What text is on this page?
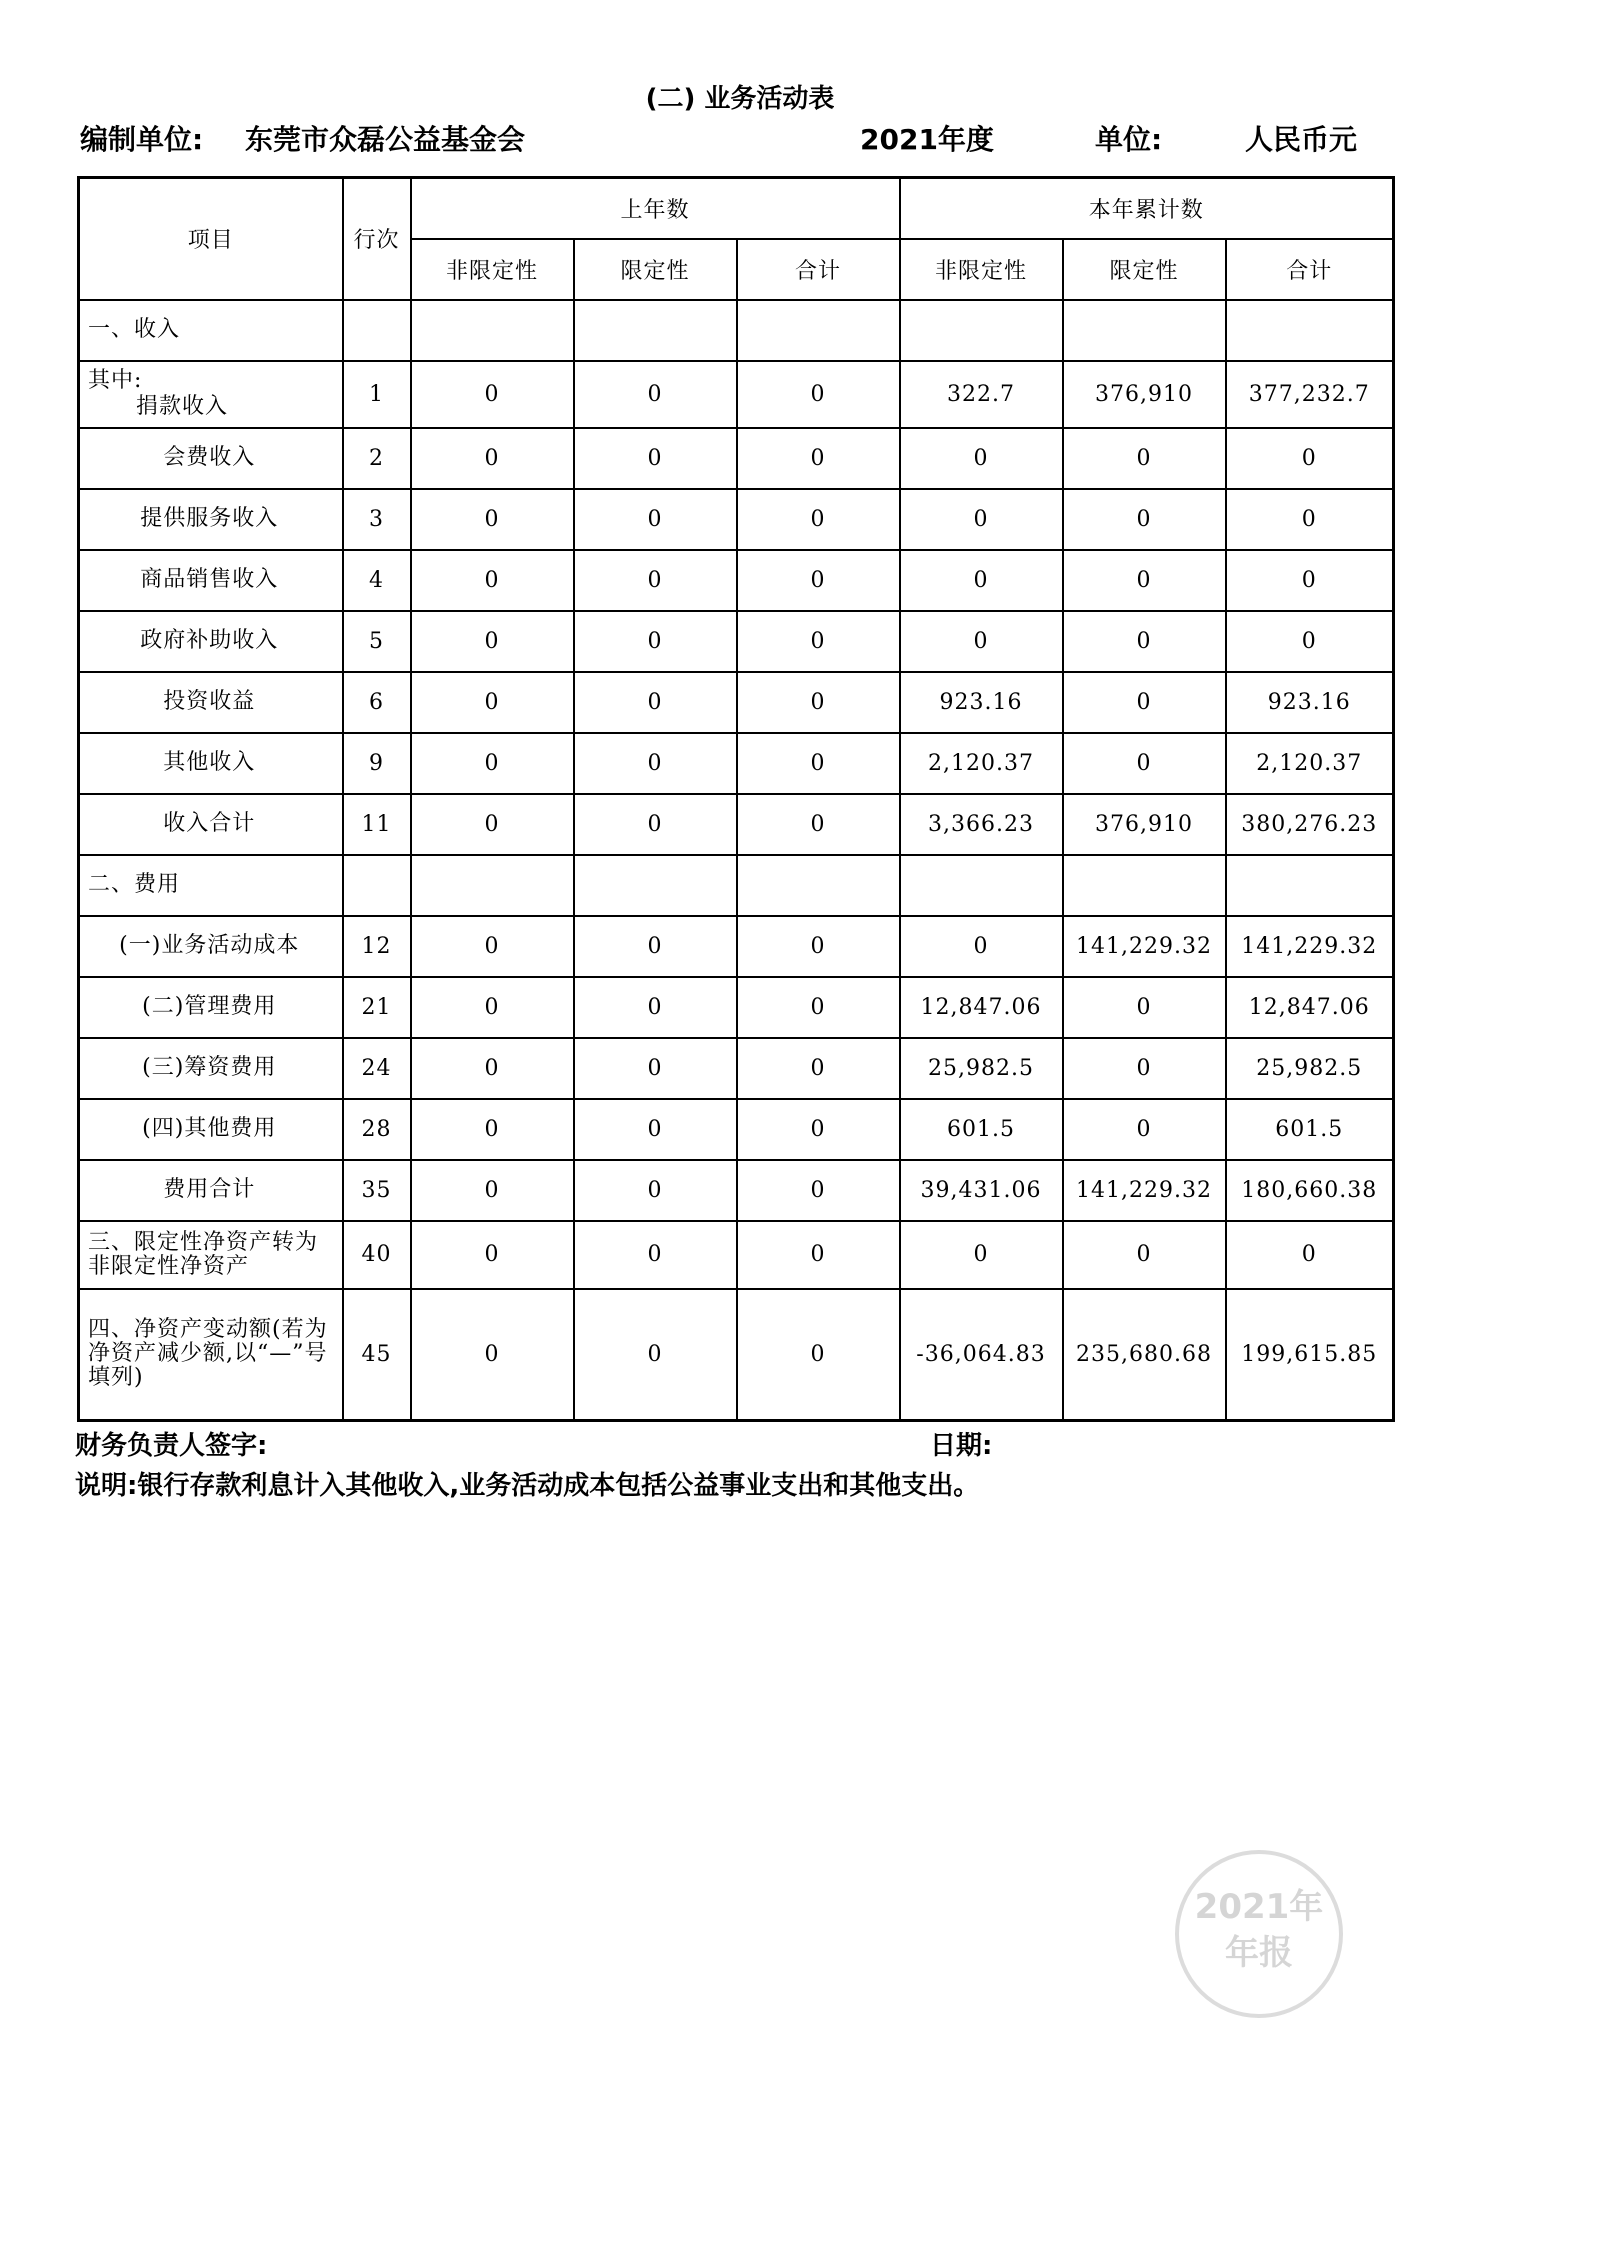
(二) 业务活动表
编制单位: 东莞市众磊公益基金会	2021年度	单位:	人民币元
项目	行次	上年数			本年累计数		
		非限定性	限定性	合计	非限定性	限定性	合计
一、收入							

其中:
捐款收入	1	0	0	0	322.7	376,910	377,232.7
会费收入	2	0	0	0	0	0	0
提供服务收入	3	0	0	0	0	0	0
商品销售收入	4	0	0	0	0	0	0
政府补助收入	5	0	0	0	0	0	0
投资收益	6	0	0	0	923.16	0	923.16
其他收入	9	0	0	0	2,120.37	0	2,120.37
收入合计	11	0	0	0	3,366.23	376,910	380,276.23
二、费用							
(一)业务活动成本	12	0	0	0	0	141,229.32	141,229.32
(二)管理费用	21	0	0	0	12,847.06	0	12,847.06
(三)筹资费用	24	0	0	0	25,982.5	0	25,982.5
(四)其他费用	28	0	0	0	601.5	0	601.5
费用合计	35	0	0	0	39,431.06	141,229.32	180,660.38
三、限定性净资产转为非限定性净资产	40	0	0	0	0	0	0
四、净资产变动额(若为净资产减少额,以“—”号填列)	45	0	0	0	-36,064.83	235,680.68	199,615.85
财务负责人签字:	日期:
说明:银行存款利息计入其他收入,业务活动成本包括公益事业支出和其他支出。
2021年
年报
